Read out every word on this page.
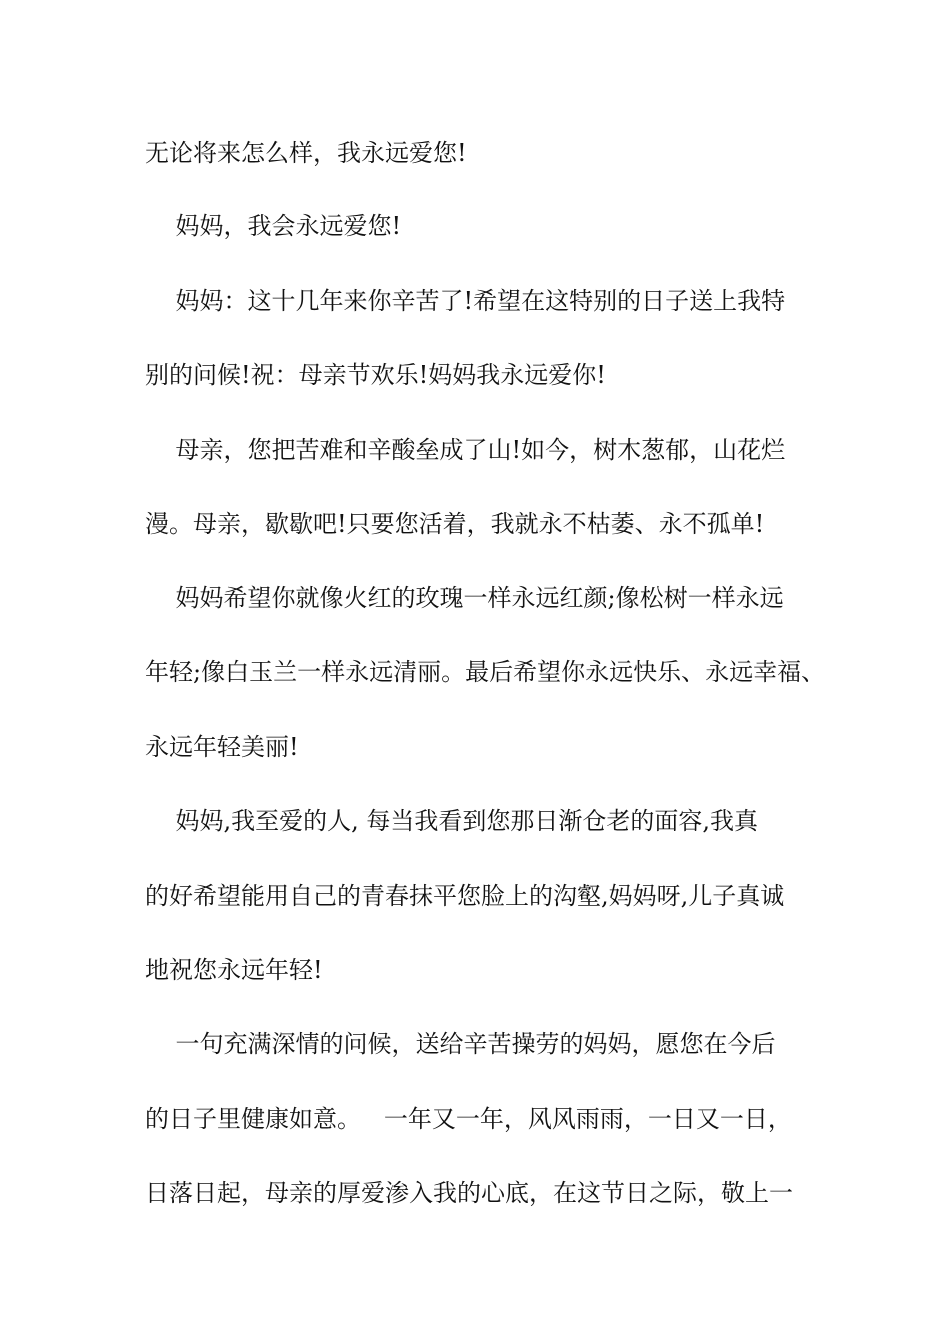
无论将来怎么样，我永远爱您!
妈妈，我会永远爱您!
妈妈：这十几年来你辛苦了!希望在这特别的日子送上我特
别的问候!祝：母亲节欢乐!妈妈我永远爱你!
母亲，您把苦难和辛酸垒成了山!如今，树木葱郁，山花烂
漫。母亲，歇歇吧!只要您活着，我就永不枯萎、永不孤单!
妈妈希望你就像火红的玫瑰一样永远红颜;像松树一样永远
年轻;像白玉兰一样永远清丽。最后希望你永远快乐、永远幸福、
永远年轻美丽!
妈妈,我至爱的人, 每当我看到您那日渐仓老的面容,我真
的好希望能用自己的青春抹平您脸上的沟壑,妈妈呀,儿子真诚
地祝您永远年轻!
一句充满深情的问候，送给辛苦操劳的妈妈，愿您在今后
的日子里健康如意。   一年又一年，风风雨雨，一日又一日，
日落日起，母亲的厚爱渗入我的心底，在这节日之际，敬上一
